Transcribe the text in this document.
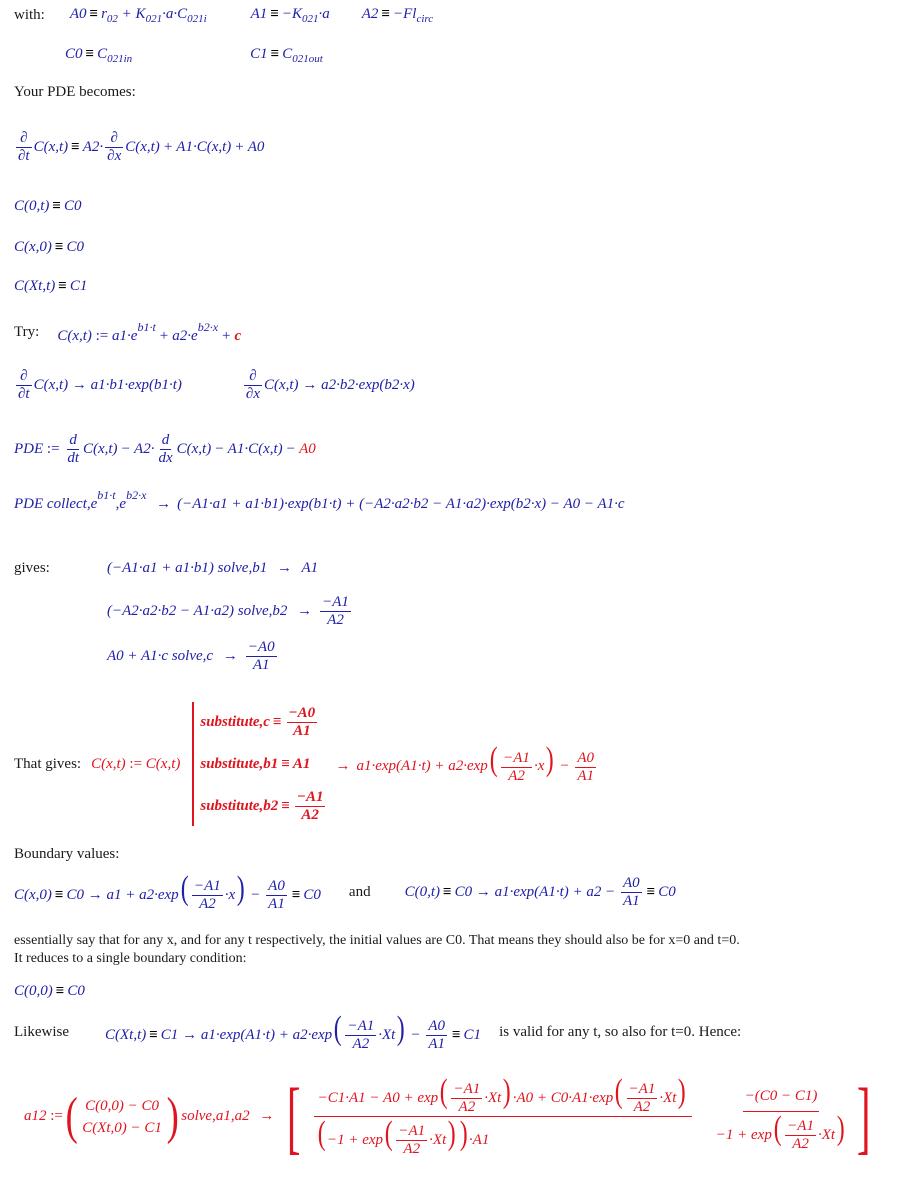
with: $A0 \equiv r_{02} + K_{021}\cdot a\cdot C_{021i}$	$A1 \equiv -K_{021}\cdot a$ $A2 \equiv -Fl_{circ}$
$C0 \equiv C_{021in}$	$C1 \equiv C_{021out}$
Your PDE becomes:
$\frac{\partial}{\partial t} C(x,t) \equiv A2\cdot \frac{\partial}{\partial x} C(x,t) + A1\cdot C(x,t) + A0$
C(0,t) ≡ C0
C(x,0) ≡ C0
C(Xt,t) ≡ C1
Try: C(x,t) := $a1\cdot e^{b1\cdot t}+ a2\cdot e^{b2\cdot x}+ c$
$\frac{\partial}{\partial t} C(x,t) \to a1\cdot b1\cdot\exp(b1\cdot t)$	$\frac{\partial}{\partial x} C(x,t) \to a2\cdot b2\cdot\exp(b2\cdot x)$
PDE := $\frac{d}{dt} C(x,t) - A2\cdot \frac{d}{dx} C(x,t) - A1\cdot C(x,t) - A0$
PDE $collect,e^{b1\cdot t},e^{b2\cdot x} \to (-A1\cdot a1 + a1\cdot b1)\cdot\exp(b1\cdot t) + (-A2\cdot a2\cdot b2 - A1\cdot a2)\cdot\exp(b2\cdot x) - A0 - A1\cdot c$
gives:	(−A1·a1 + a1·b1) solve,b1 → A1
(−A2·a2·b2 − A1·a2) solve,b2 → $\frac{-A1}{A2}$
A0 + A1·c solve,c → $\frac{-A0}{A1}$
That gives: C(x,t) := C(x,t)
substitute,c ≡ $\frac{-A0}{A1}$
substitute,b1 ≡ A1
substitute,b2 ≡ $\frac{-A1}{A2}$
→ $a1\cdot\exp(A1\cdot t) + a2\cdot\exp( \frac{-A1}{A2} \cdot x) - \frac{A0}{A1}$
Boundary values:
$C(x,0) \equiv C0 \to a1 + a2\cdot\exp( \frac{-A1}{A2} \cdot x) - \frac{A0}{A1} \equiv C0$ and $C(0,t) \equiv C0 \to a1\cdot\exp(A1\cdot t) + a2 - \frac{A0}{A1} \equiv C0$
essentially say that for any x, and for any t respectively, the initial values are C0. That means they should also be for x=0 and t=0.
It reduces to a single boundary condition:
C(0,0) ≡ C0
Likewise $C(Xt,t) \equiv C1 \to a1\cdot\exp(A1\cdot t) + a2\cdot\exp( \frac{-A1}{A2} \cdot Xt) - \frac{A0}{A1} \equiv C1$ is valid for any t, so also for t=0. Hence:
a12 := ( C(0,0) − C0
C(Xt,0) − C1 ) solve,a1,a2 → [ $\frac{-C1\cdot A1 - A0 + \exp( \frac{-A1}{A2} \cdot Xt) \cdot A0 + C0\cdot A1\cdot\exp( \frac{-A1}{A2} \cdot Xt)}{( -1 + \exp( \frac{-A1}{A2} \cdot Xt)) \cdot A1} \frac{-(C0 - C1)}{-1 + \exp( \frac{-A1}{A2} \cdot Xt)}$ ]
